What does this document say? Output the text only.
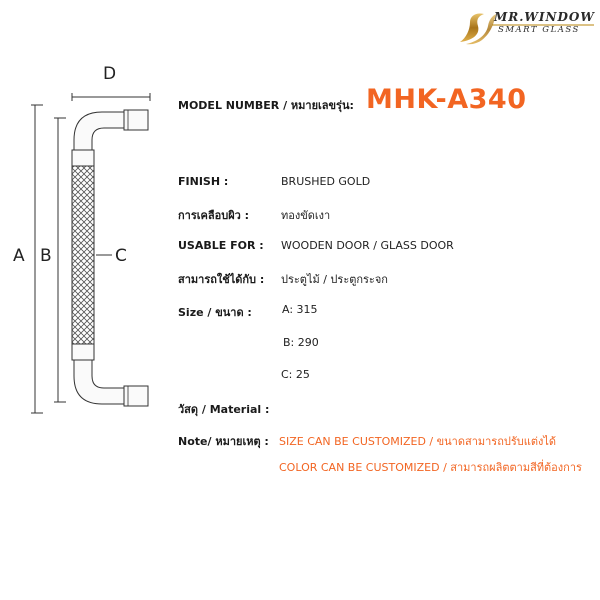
MR.WINDOW
SMART GLASS
D
A B	C
MODEL NUMBER / หมายเลขรุ่น: MHK-A340
FINISH :	BRUSHED GOLD
การเคลือบผิว :	ทองขัดเงา
USABLE FOR : WOODEN DOOR / GLASS DOOR
สามารถใช้ได้กับ : ประตูไม้ / ประตูกระจก
Size / ขนาด :	A: 315
B: 290
C: 25
วัสดุ / Material :
Note/ หมายเหตุ : SIZE CAN BE CUSTOMIZED / ขนาดสามารถปรับแต่งได้
COLOR CAN BE CUSTOMIZED / สามารถผลิตตามสีที่ต้องการ
